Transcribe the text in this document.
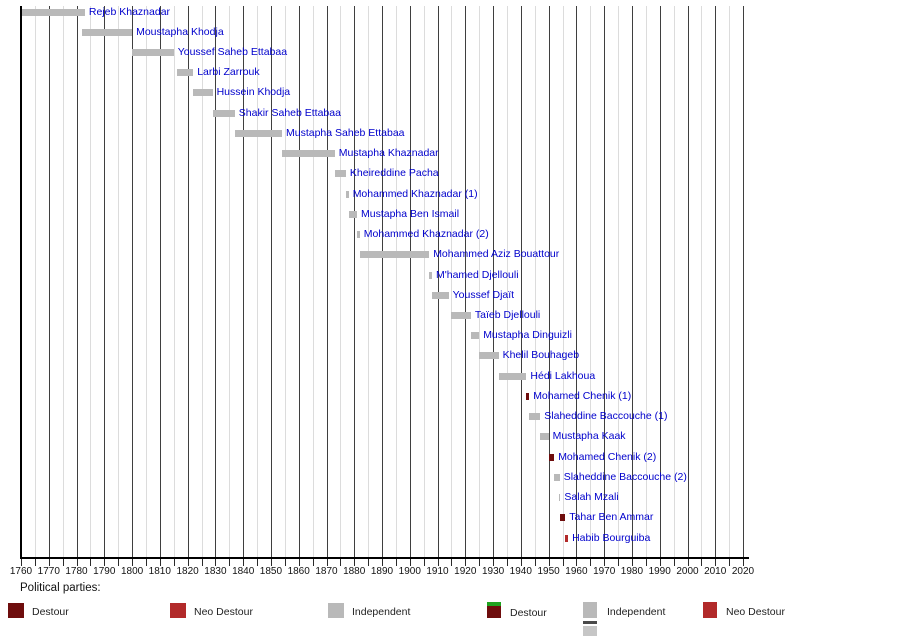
1760 1770 1780 1790 1800 1810 1820 1830 1840 1850 1860 1870 1880 1890 1900 1910 1920 1930 1940 1950 1960 1970 1980 1990 2000 2010 2020
Rejeb Khaznadar
Moustapha Khodja
Youssef Saheb Ettabaa
Larbi Zarrouk
Hussein Khodja
Shakir Saheb Ettabaa
Mustapha Saheb Ettabaa
Mustapha Khaznadar
Kheireddine Pacha
Mohammed Khaznadar (1)
Mustapha Ben Ismail
Mohammed Khaznadar (2)
Mohammed Aziz Bouattour
M'hamed Djellouli
Youssef Djaït
Taïeb Djellouli
Mustapha Dinguizli
Khelil Bouhageb
Hédi Lakhoua
Mohamed Chenik (1)
Slaheddine Baccouche (1)
Mustapha Kaak
Mohamed Chenik (2)
Slaheddine Baccouche (2)
Salah Mzali
Tahar Ben Ammar
Habib Bourguiba
Political parties:
Destour	Neo Destour	Independent	Destour	Independent	Neo Destour
